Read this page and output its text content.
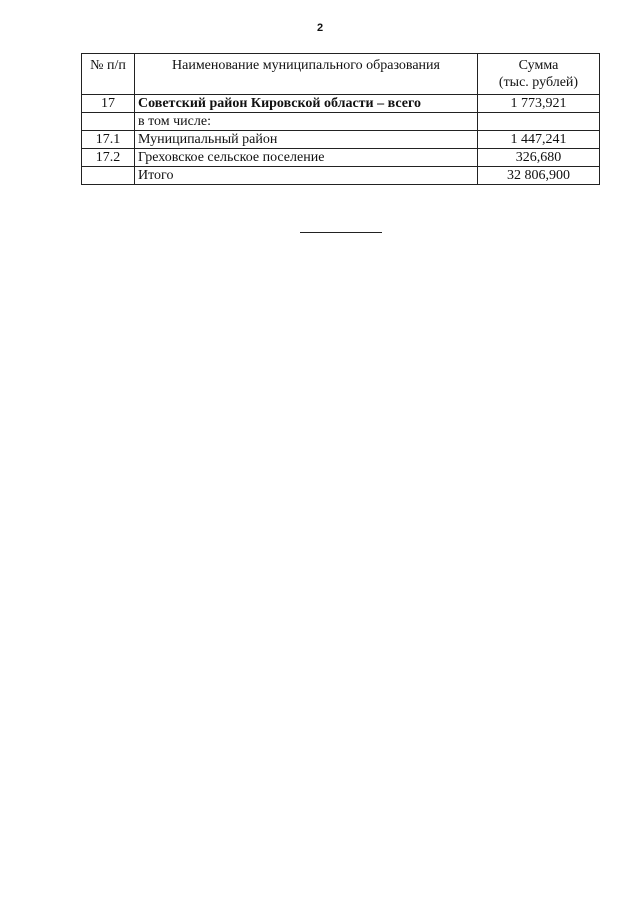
2
№ п/п	Наименование муниципального образования	Сумма
(тыс. рублей)

17	Советский район Кировской области – всего	1 773,921
	в том числе:	
17.1	Муниципальный район	1 447,241
17.2	Греховское сельское поселение	326,680
	Итого	32 806,900
